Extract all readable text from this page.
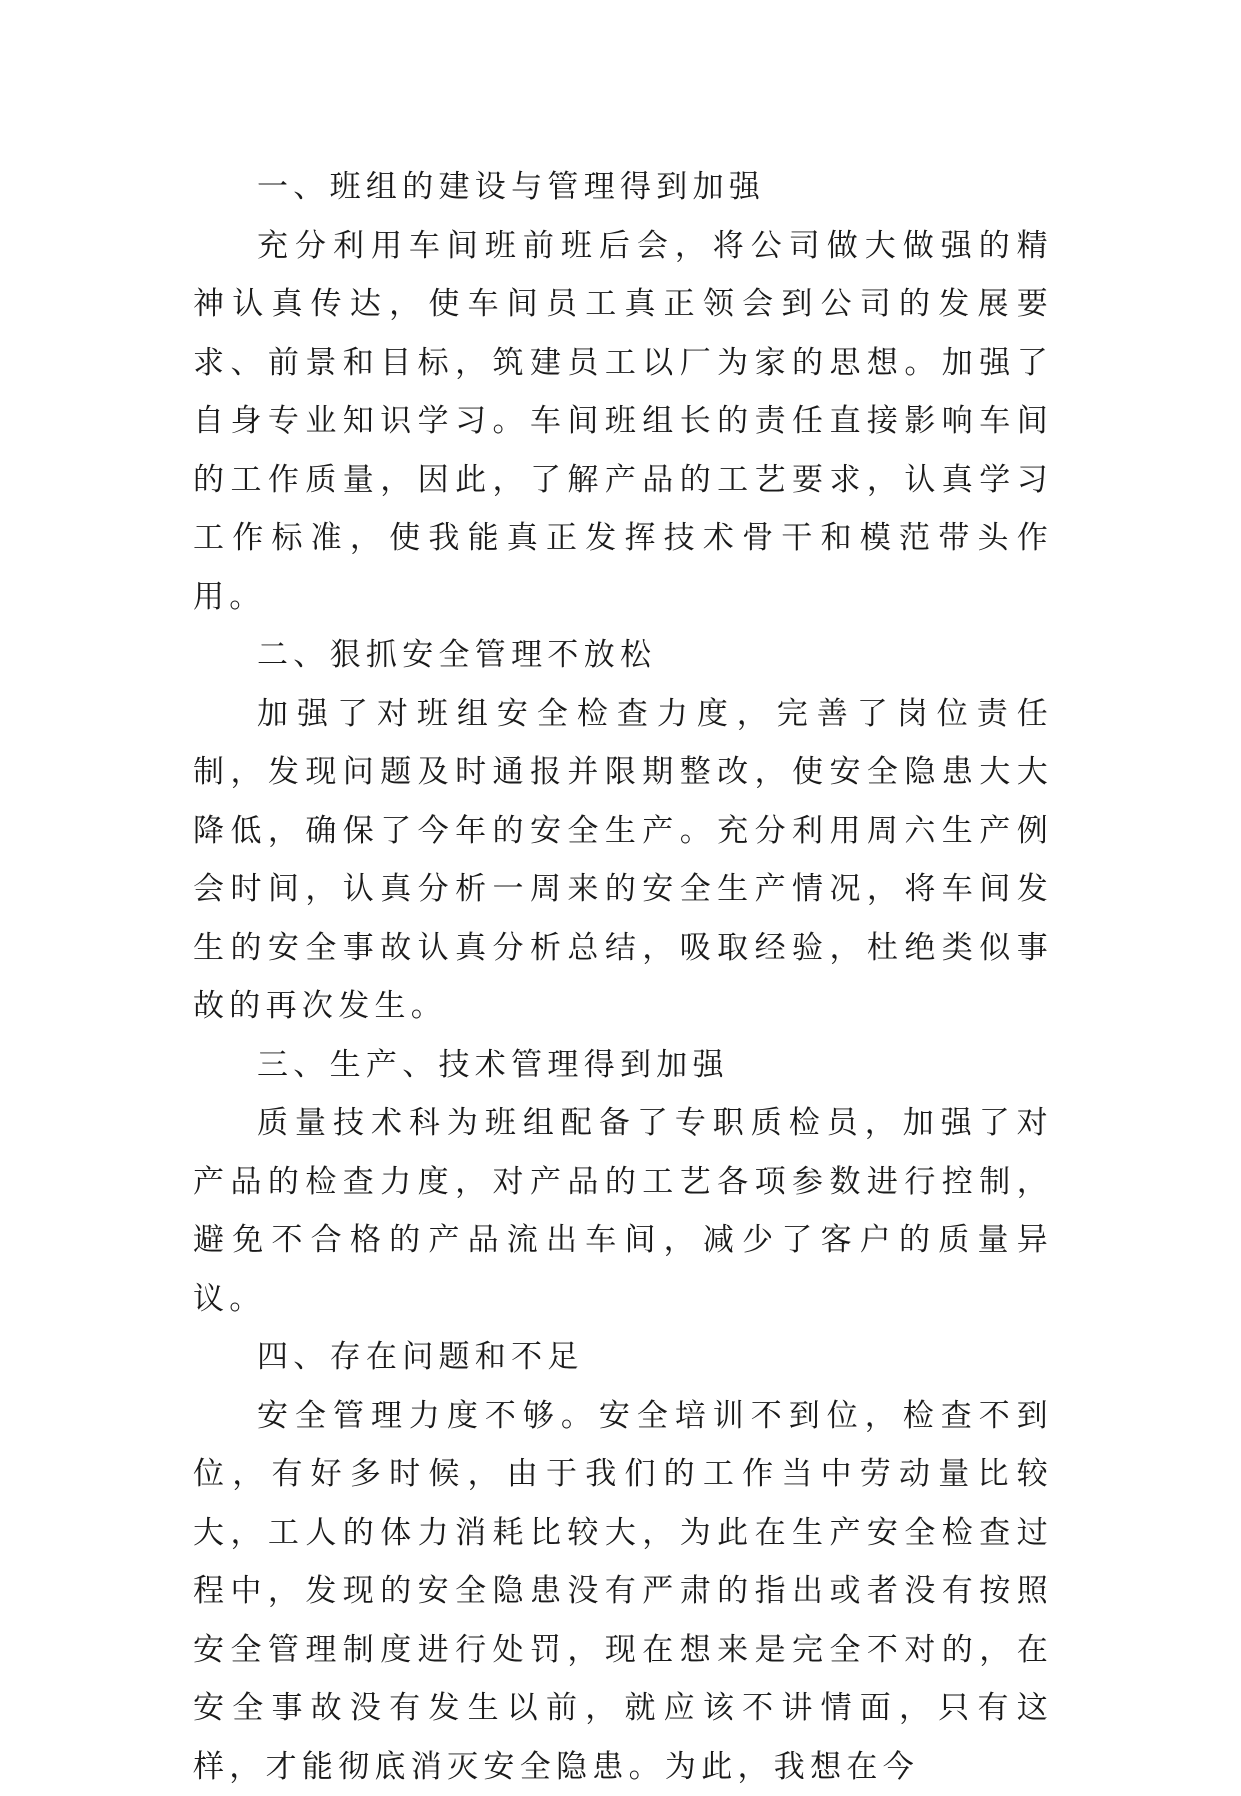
一、班组的建设与管理得到加强

充分利用车间班前班后会，将公司做大做强的精神认真传达，使车间员工真正领会到公司的发展要求、前景和目标，筑建员工以厂为家的思想。加强了自身专业知识学习。车间班组长的责任直接影响车间的工作质量，因此，了解产品的工艺要求，认真学习工作标准，使我能真正发挥技术骨干和模范带头作用。

二、狠抓安全管理不放松

加强了对班组安全检查力度，完善了岗位责任制，发现问题及时通报并限期整改，使安全隐患大大降低，确保了今年的安全生产。充分利用周六生产例会时间，认真分析一周来的安全生产情况，将车间发生的安全事故认真分析总结，吸取经验，杜绝类似事故的再次发生。

三、生产、技术管理得到加强

质量技术科为班组配备了专职质检员，加强了对产品的检查力度，对产品的工艺各项参数进行控制，避免不合格的产品流出车间，减少了客户的质量异议。

四、存在问题和不足

安全管理力度不够。安全培训不到位，检查不到位，有好多时候，由于我们的工作当中劳动量比较大，工人的体力消耗比较大，为此在生产安全检查过程中，发现的安全隐患没有严肃的指出或者没有按照安全管理制度进行处罚，现在想来是完全不对的，在安全事故没有发生以前，就应该不讲情面，只有这样，才能彻底消灭安全隐患。为此，我想在今
